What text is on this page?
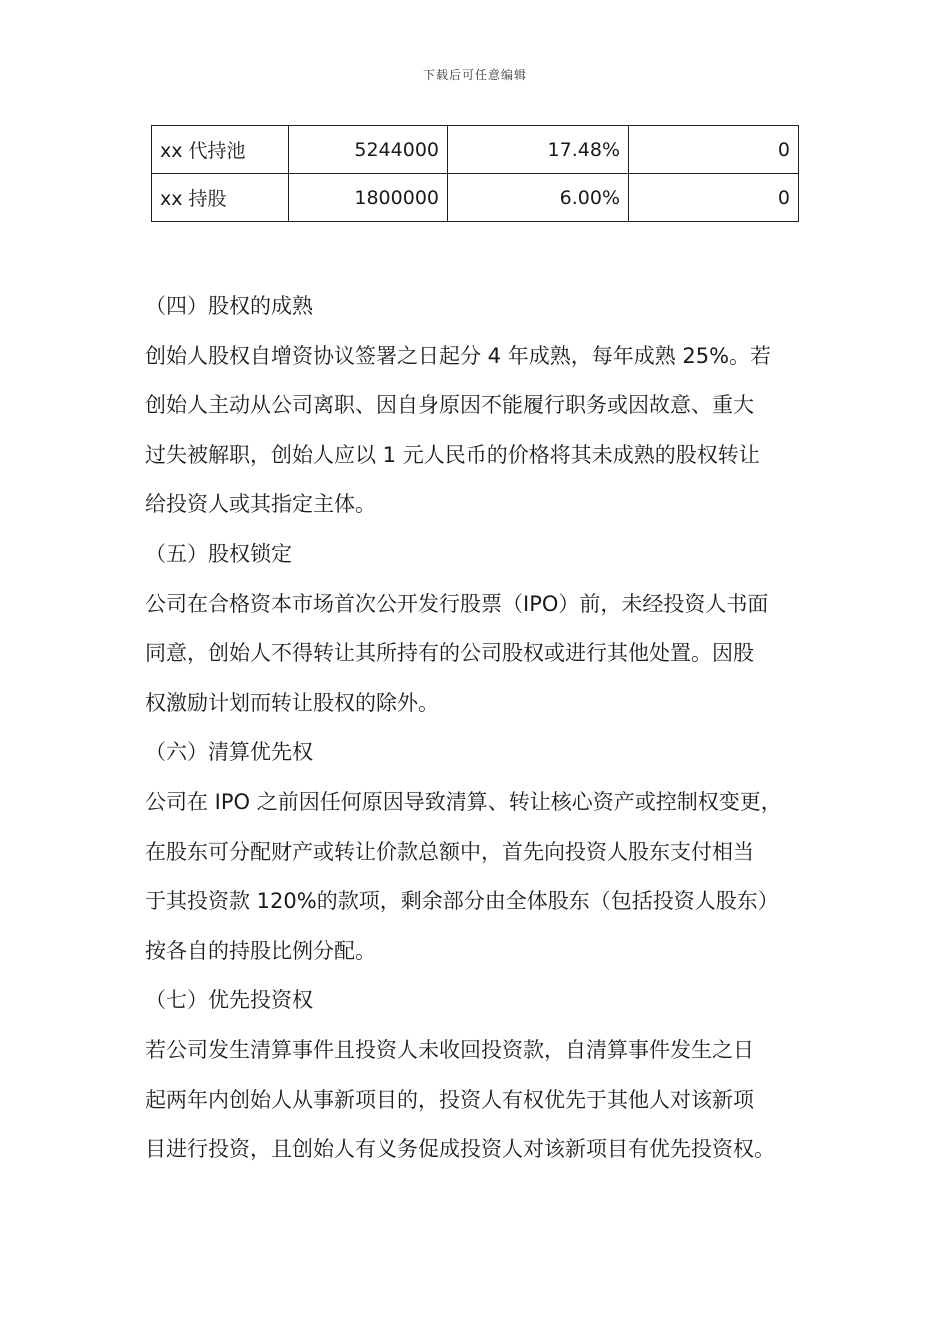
下载后可任意编辑
xx 代持池	5244000	17.48%	0
xx 持股	1800000	6.00%	0

（四）股权的成熟

创始人股权自增资协议签署之日起分 4 年成熟，每年成熟 25%。若

创始人主动从公司离职、因自身原因不能履行职务或因故意、重大

过失被解职，创始人应以 1 元人民币的价格将其未成熟的股权转让

给投资人或其指定主体。

（五）股权锁定

公司在合格资本市场首次公开发行股票（IPO）前，未经投资人书面

同意，创始人不得转让其所持有的公司股权或进行其他处置。因股

权激励计划而转让股权的除外。

（六）清算优先权

公司在 IPO 之前因任何原因导致清算、转让核心资产或控制权变更，

在股东可分配财产或转让价款总额中，首先向投资人股东支付相当

于其投资款 120%的款项，剩余部分由全体股东（包括投资人股东）

按各自的持股比例分配。

（七）优先投资权

若公司发生清算事件且投资人未收回投资款，自清算事件发生之日

起两年内创始人从事新项目的，投资人有权优先于其他人对该新项

目进行投资，且创始人有义务促成投资人对该新项目有优先投资权。
